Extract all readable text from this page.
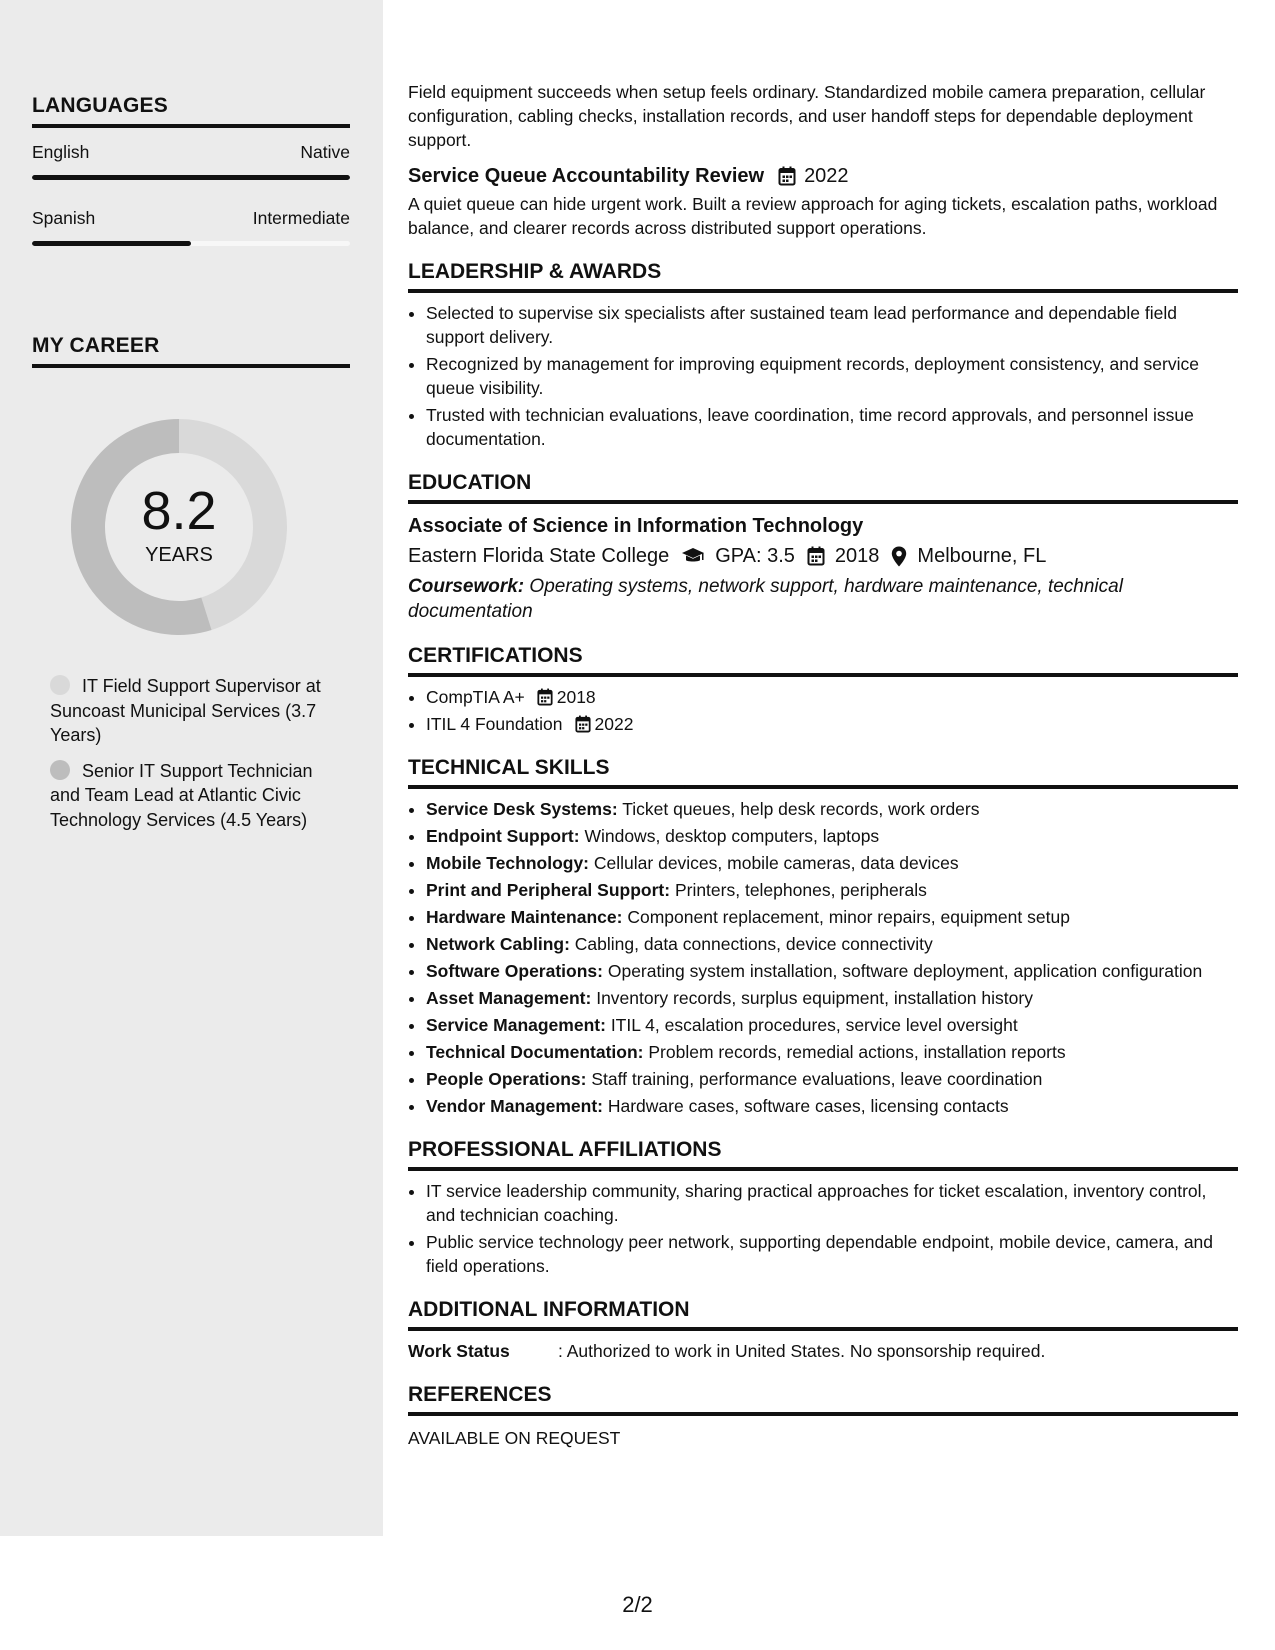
LANGUAGES
English	Native
Spanish	Intermediate
MY CAREER
8.2
YEARS
IT Field Support Supervisor at Suncoast Municipal Services (3.7 Years)
Senior IT Support Technician and Team Lead at Atlantic Civic Technology Services (4.5 Years)

Field equipment succeeds when setup feels ordinary. Standardized mobile camera preparation, cellular configuration, cabling checks, installation records, and user handoff steps for dependable deployment support.

Service Queue Accountability Review 2022

A quiet queue can hide urgent work. Built a review approach for aging tickets, escalation paths, workload balance, and clearer records across distributed support operations.

LEADERSHIP & AWARDS
• Selected to supervise six specialists after sustained team lead performance and dependable field support delivery.
• Recognized by management for improving equipment records, deployment consistency, and service queue visibility.
• Trusted with technician evaluations, leave coordination, time record approvals, and personnel issue documentation.
EDUCATION
Associate of Science in Information Technology
Eastern Florida State College GPA: 3.5 2018 Melbourne, FL
Coursework: Operating systems, network support, hardware maintenance, technical documentation
CERTIFICATIONS
• CompTIA A+ 2018
• ITIL 4 Foundation 2022
TECHNICAL SKILLS
• Service Desk Systems: Ticket queues, help desk records, work orders
• Endpoint Support: Windows, desktop computers, laptops
• Mobile Technology: Cellular devices, mobile cameras, data devices
• Print and Peripheral Support: Printers, telephones, peripherals
• Hardware Maintenance: Component replacement, minor repairs, equipment setup
• Network Cabling: Cabling, data connections, device connectivity
• Software Operations: Operating system installation, software deployment, application configuration
• Asset Management: Inventory records, surplus equipment, installation history
• Service Management: ITIL 4, escalation procedures, service level oversight
• Technical Documentation: Problem records, remedial actions, installation reports
• People Operations: Staff training, performance evaluations, leave coordination
• Vendor Management: Hardware cases, software cases, licensing contacts
PROFESSIONAL AFFILIATIONS
• IT service leadership community, sharing practical approaches for ticket escalation, inventory control, and technician coaching.
• Public service technology peer network, supporting dependable endpoint, mobile device, camera, and field operations.
ADDITIONAL INFORMATION
Work Status	: Authorized to work in United States. No sponsorship required.
REFERENCES
AVAILABLE ON REQUEST
2/2
